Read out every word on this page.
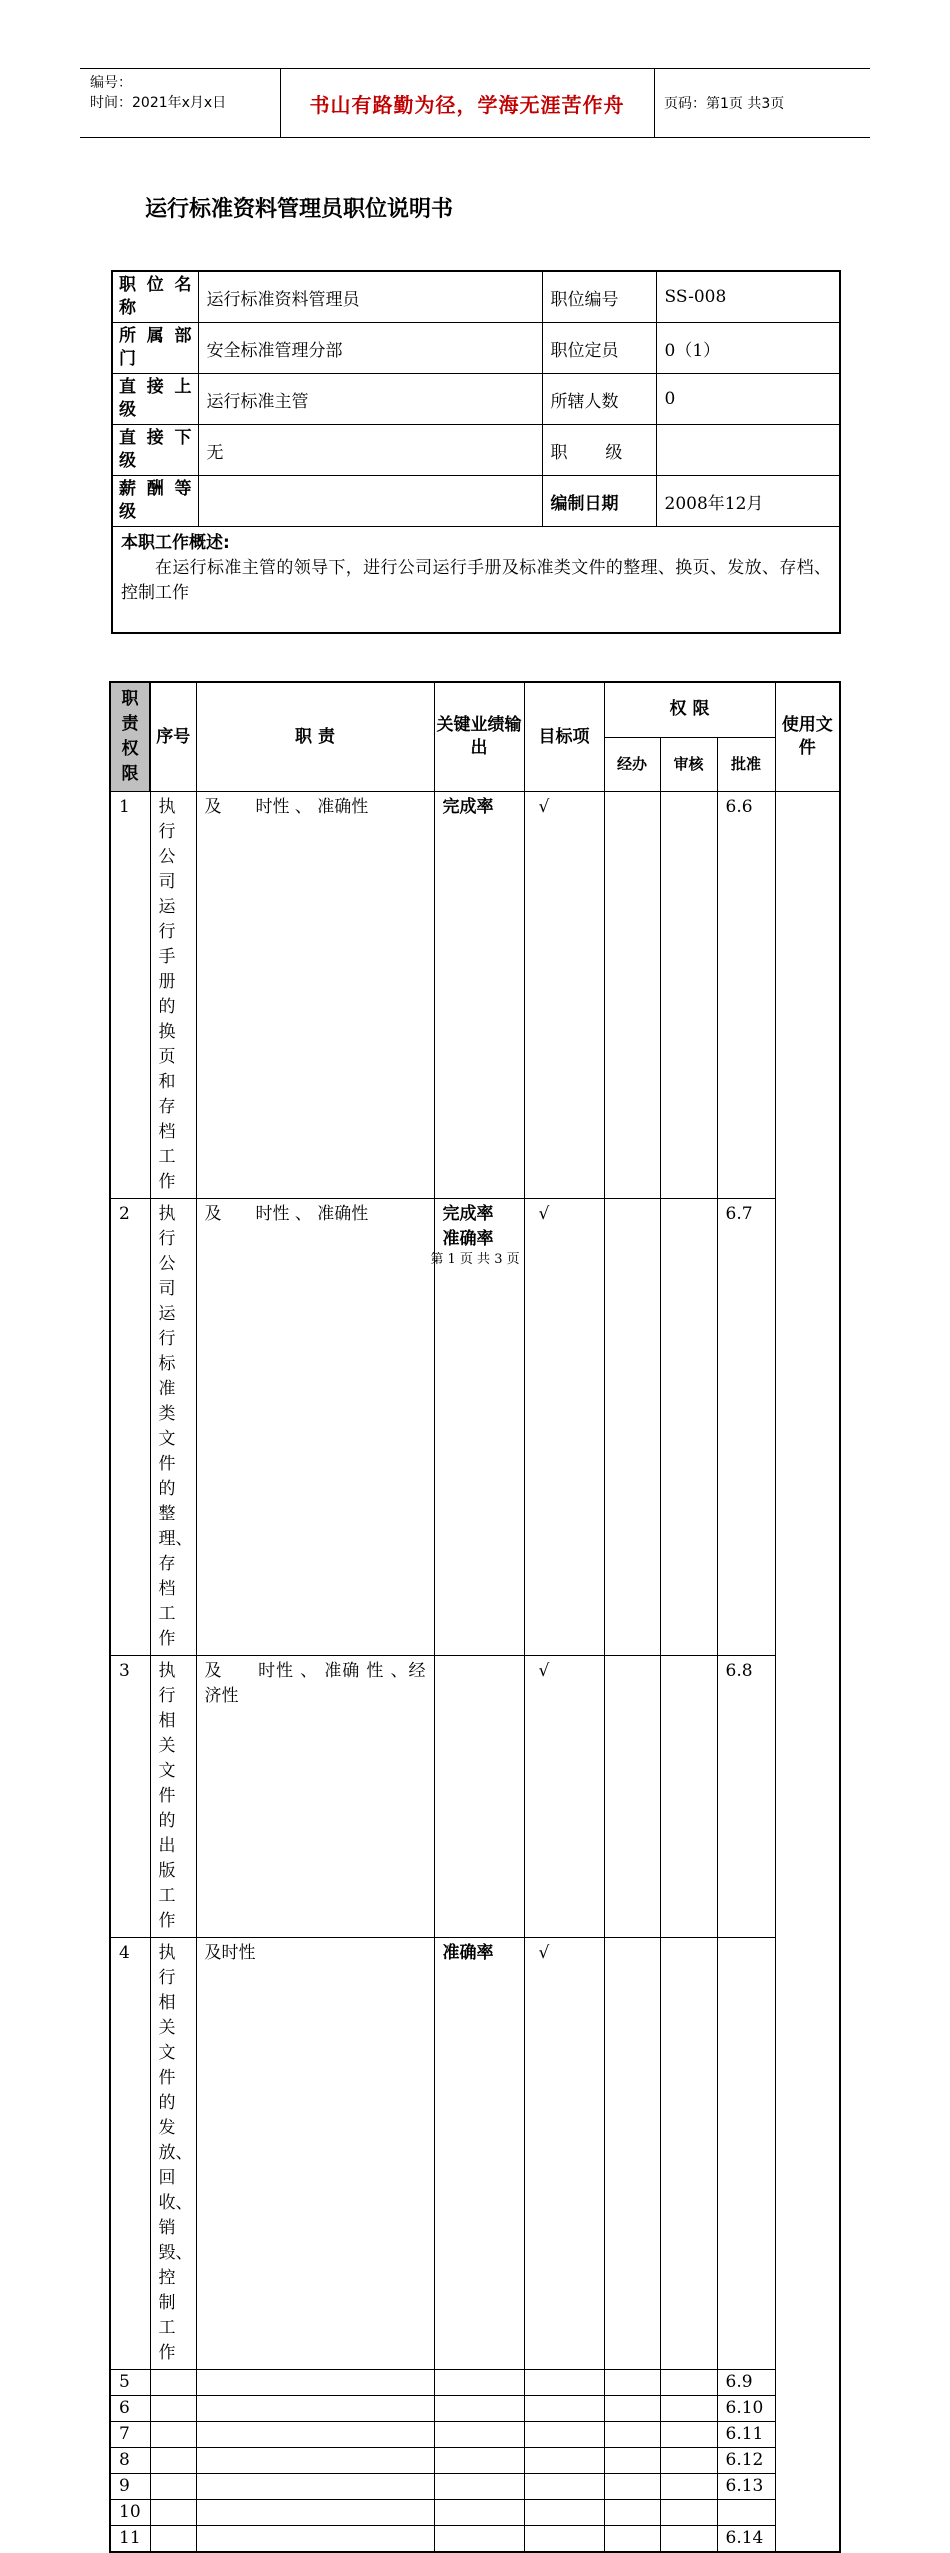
编号：
时间：2021年x月x日	书山有路勤为径，学海无涯苦作舟	页码：第1页 共3页
运行标准资料管理员职位说明书
职 位 名
称	运行标准资料管理员	职位编号	SS-008
所 属 部
门	安全标准管理分部	职位定员	0（1）
直 接 上
级	运行标准主管	所辖人数	0
直 接 下
级	无	职       级	
薪 酬 等
级		编制日期	2008年12月

本职工作概述:
在运行标准主管的领导下，进行公司运行手册及标准类文件的整理、换页、发放、存档、控制工作			
职
责
权
限	序号	职 责	关键业绩输出	目标项	权 限			使用文件
					经办	审核	批准	
1	执行公司运行手册的换页和存档工作	及　　时性 、 准确性	完成率	√			6.6	
2	执行公司运行标准类文件的整理、存档工作	及　　时性 、 准确性	完成率 准确率	√			6.7	
3	执行相关文件的出版工作	及　　时性 、 准确 性 、经济性		√			6.8	
4	执行相关文件的发放、回收、销毁、控制工作	及时性	准确率	√				
5							6.9	
6							6.10	
7							6.11	
8							6.12	
9							6.13	
10								
11							6.14	
第 1 页 共 3 页
